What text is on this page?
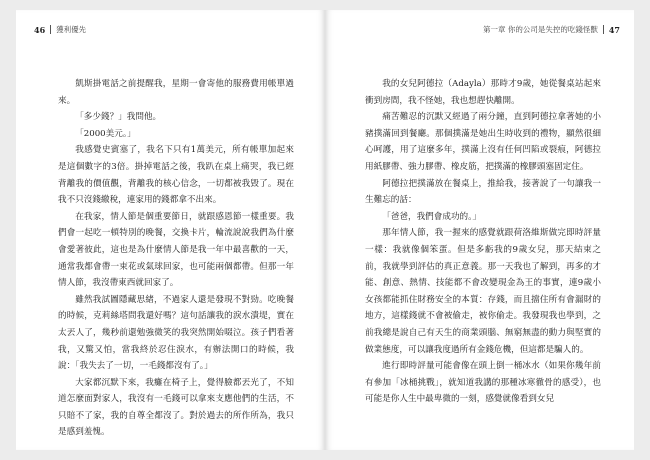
46 獲利優先

凱斯掛電話之前提醒我，星期一會寄他的服務費用帳單過來。

「多少錢？」我問他。

「2000美元。」

我感覺史賓塞了，我名下只有1萬美元，所有帳單加起來是這個數字的3倍。掛掉電話之後，我趴在桌上痛哭，我已經背離我的價值觀，背離我的核心信念，一切都被我毀了。現在我不只沒錢繳稅，連家用的錢都拿不出來。

在我家，情人節是個重要節日，就跟感恩節一樣重要。我們會一起吃一頓特別的晚餐，交換卡片，輪流說說我們為什麼會愛著彼此，這也是為什麼情人節是我一年中最喜歡的一天，通常我都會帶一束花或氣球回家，也可能兩個都帶。但那一年情人節，我沒帶東西就回家了。

雖然我試圖隱藏思緒，不過家人還是發現不對勁。吃晚餐的時候，克莉絲塔問我還好嗎？這句話讓我的淚水潰堤，實在太丟人了，幾秒前還勉強微笑的我突然開始啜泣。孩子們看著我，又驚又怕，當我終於忍住淚水，有辦法開口的時候，我說：「我失去了一切，一毛錢都沒有了。」

大家都沉默下來，我癱在椅子上，覺得臉都丟光了，不知道怎麼面對家人，我沒有一毛錢可以拿來支應他們的生活，不只賠不了家，我的自尊全都沒了。對於過去的所作所為，我只是感到羞愧。

第一章 你的公司是失控的吃錢怪獸 47

我的女兒阿德拉（Adayla）那時才9歲，她從餐桌站起來衝到房間，我不怪她，我也想趕快離開。

痛苦難忍的沉默又經過了兩分鐘，直到阿德拉拿著她的小豬撲滿回到餐廳。那個撲滿是她出生時收到的禮物，顯然很細心呵護，用了這麼多年，撲滿上沒有任何凹陷或裂痕，阿德拉用紙膠帶、強力膠帶、橡皮筋，把撲滿的橡膠頭塞固定住。

阿德拉把撲滿放在餐桌上，推給我，接著說了一句讓我一生難忘的話：

「爸爸，我們會成功的。」

那年情人節，我一握來的感覺就跟荷洛維斯做完即時評量一樣：我就像個笨蛋。但是多虧我的9歲女兒，那天結束之前，我就學到評估的真正意義。那一天我也了解到，再多的才能、創意、熱情、技能都不會改變現金為王的事實，連9歲小女孩都能抓住財務安全的本質：存錢，而且擋住所有會漏財的地方，這樣錢就不會被偷走，被你偷走。我發現我也學到，之前我總是說自己有天生的商業頭腦、無窮無盡的動力與堅實的做業態度，可以讓我度過所有金錢危機，但這都是騙人的。

進行即時評量可能會像在頭上倒一桶冰水（如果你幾年前有參加「冰桶挑戰」，就知道我講的那種冰寒徹骨的感受），也可能是你人生中最卑微的一刻，感覺就像看到女兒
